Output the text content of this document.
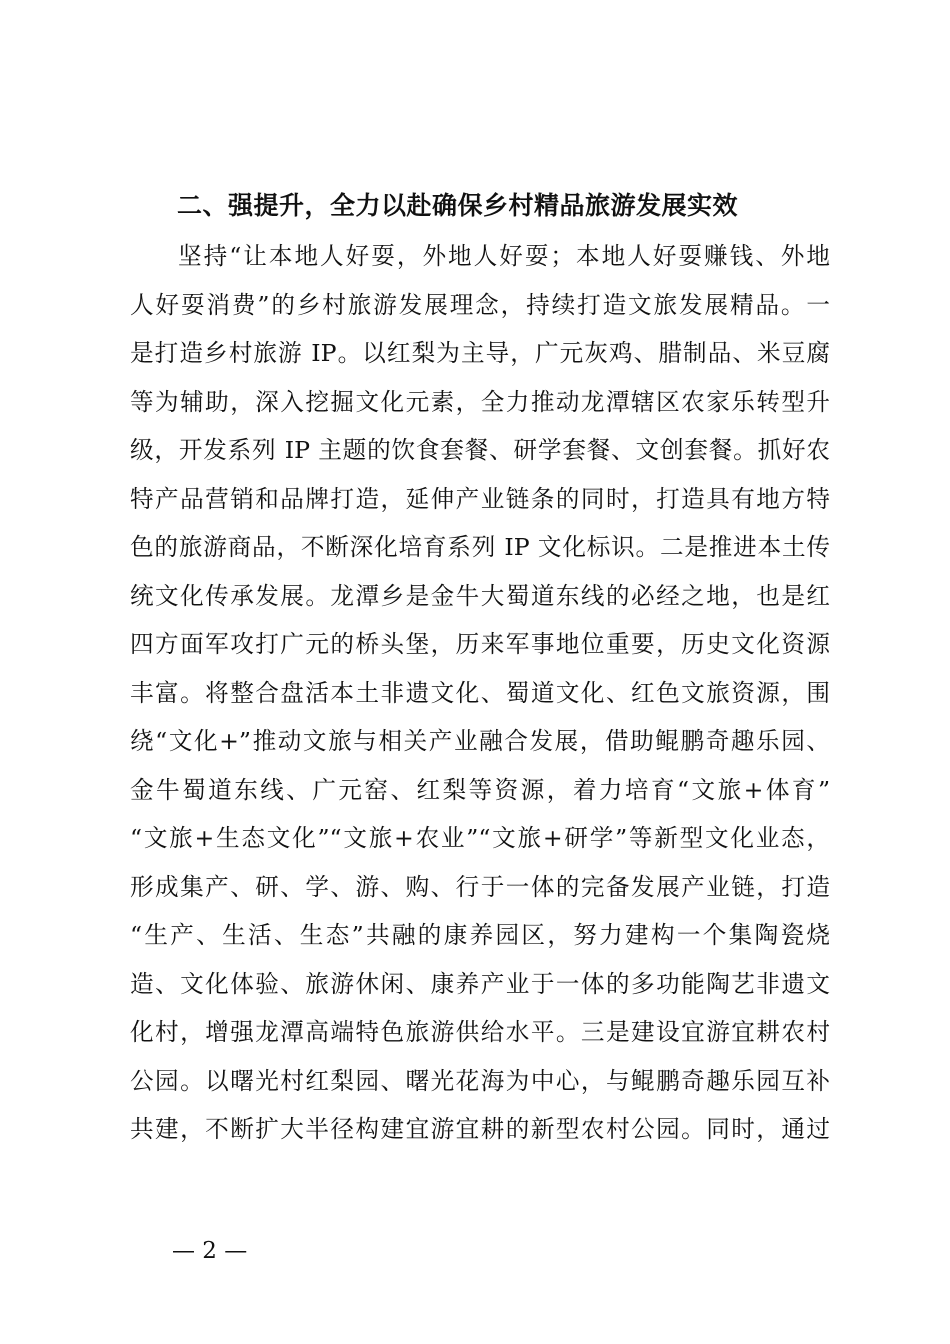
二、强提升，全力以赴确保乡村精品旅游发展实效
坚持“让本地人好耍，外地人好耍；本地人好耍赚钱、外地
人好耍消费”的乡村旅游发展理念，持续打造文旅发展精品。一
是打造乡村旅游 IP。以红梨为主导，广元灰鸡、腊制品、米豆腐
等为辅助，深入挖掘文化元素，全力推动龙潭辖区农家乐转型升
级，开发系列 IP 主题的饮食套餐、研学套餐、文创套餐。抓好农
特产品营销和品牌打造，延伸产业链条的同时，打造具有地方特
色的旅游商品，不断深化培育系列 IP 文化标识。二是推进本土传
统文化传承发展。龙潭乡是金牛大蜀道东线的必经之地，也是红
四方面军攻打广元的桥头堡，历来军事地位重要，历史文化资源
丰富。将整合盘活本土非遗文化、蜀道文化、红色文旅资源，围
绕“文化+”推动文旅与相关产业融合发展，借助鲲鹏奇趣乐园、
金牛蜀道东线、广元窑、红梨等资源，着力培育“文旅+体育”
“文旅+生态文化”“文旅+农业”“文旅+研学”等新型文化业态，
形成集产、研、学、游、购、行于一体的完备发展产业链，打造
“生产、生活、生态”共融的康养园区，努力建构一个集陶瓷烧
造、文化体验、旅游休闲、康养产业于一体的多功能陶艺非遗文
化村，增强龙潭高端特色旅游供给水平。三是建设宜游宜耕农村
公园。以曙光村红梨园、曙光花海为中心，与鲲鹏奇趣乐园互补
共建，不断扩大半径构建宜游宜耕的新型农村公园。同时，通过
— 2 —
